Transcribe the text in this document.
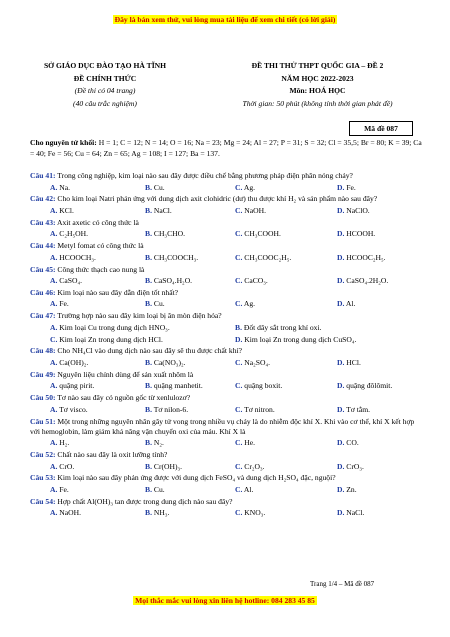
Đây là bản xem thử, vui lòng mua tài liệu để xem chi tiết (có lời giải)
SỞ GIÁO DỤC ĐÀO TẠO HÀ TĨNH
ĐỀ CHÍNH THỨC
(Đề thi có 04 trang)
(40 câu trắc nghiệm)
ĐỀ THI THỬ THPT QUỐC GIA – ĐỀ 2
NĂM HỌC 2022-2023
Môn: HOÁ HỌC
Thời gian: 50 phút (không tính thời gian phát đề)
Mã đề 087
Cho nguyên tử khối: H = 1; C = 12; N = 14; O = 16; Na = 23; Mg = 24; Al = 27; P = 31; S = 32; Cl = 35,5; Br = 80; K = 39; Ca = 40; Fe = 56; Cu = 64; Zn = 65; Ag = 108; I = 127; Ba = 137.
Câu 41: Trong công nghiệp, kim loại nào sau đây được điều chế bằng phương pháp điện phân nóng chảy?
A. Na.	B. Cu.	C. Ag.	D. Fe.
Câu 42: Cho kim loại Natri phản ứng với dung dịch axit clohidric (dư) thu được khí H₂ và sản phẩm nào sau đây?
A. KCl.	B. NaCl.	C. NaOH.	D. NaClO.
Câu 43: Axit axetic có công thức là
A. C₂H₅OH.	B. CH₃CHO.	C. CH₃COOH.	D. HCOOH.
Câu 44: Metyl fomat có công thức là
A. HCOOCH₃.	B. CH₃COOCH₃.	C. CH₃COOC₂H₅.	D. HCOOC₂H₅.
Câu 45: Công thức thạch cao nung là
A. CaSO₄.	B. CaSO₄.H₂O.	C. CaCO₃.	D. CaSO₄.2H₂O.
Câu 46: Kim loại nào sau đây dẫn điện tốt nhất?
A. Fe.	B. Cu.	C. Ag.	D. Al.
Câu 47: Trường hợp nào sau đây kim loại bị ăn mòn điện hóa?
A. Kim loại Cu trong dung dịch HNO₃.	B. Đốt dây sắt trong khí oxi.
C. Kim loại Zn trong dung dịch HCl.	D. Kim loại Zn trong dung dịch CuSO₄.
Câu 48: Cho NH₄Cl vào dung dịch nào sau đây sẽ thu được chất khí?
A. Ca(OH)₂.	B. Ca(NO₃)₂.	C. Na₂SO₄.	D. HCl.
Câu 49: Nguyên liệu chính dùng để sản xuất nhôm là
A. quặng pirit.	B. quặng manhetit.	C. quặng boxit.	D. quặng đôlômit.
Câu 50: Tơ nào sau đây có nguồn gốc từ xenlulozơ?
A. Tơ visco.	B. Tơ nilon-6.	C. Tơ nitron.	D. Tơ tằm.
Câu 51: Một trong những nguyên nhân gây tử vong trong nhiều vụ cháy là do nhiễm độc khí X. Khi vào cơ thể, khí X kết hợp với hemoglobin, làm giảm khả năng vận chuyển oxi của máu. Khí X là
A. H₂.	B. N₂.	C. He.	D. CO.
Câu 52: Chất nào sau đây là oxit lưỡng tính?
A. CrO.	B. Cr(OH)₃.	C. Cr₂O₃.	D. CrO₃.
Câu 53: Kim loại nào sau đây phản ứng được với dung dịch FeSO₄ và dung dịch H₂SO₄ đặc, nguội?
A. Fe.	B. Cu.	C. Al.	D. Zn.
Câu 54: Hợp chất Al(OH)₃ tan được trong dung dịch nào sau đây?
A. NaOH.	B. NH₃.	C. KNO₃.	D. NaCl.
Trang 1/4 – Mã đề 087
Mọi thắc mắc vui lòng xin liên hệ hotline: 084 283 45 85
